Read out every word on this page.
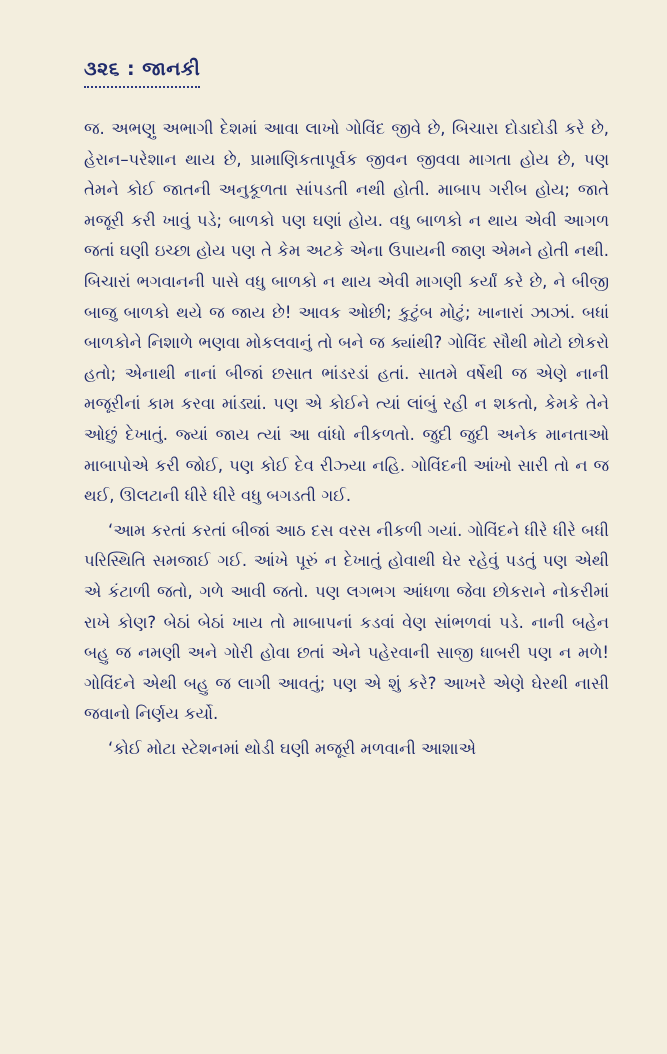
૩૨૬ : જાનકી

જ. અભણુ અભાગી દેશમાં આવા લાખો ગોવિંદ જીવે છે, બિચારા દોડાદોડી કરે છે, હેરાન–પરેશાન થાય છે, પ્રામાણિકતાપૂર્વક જીવન જીવવા માગતા હોય છે, પણ તેમને કોઈ જાતની અનુકૂળતા સાંપડતી નથી હોતી. માબાપ ગરીબ હોય; જાતે મજૂરી કરી ખાવું પડે; બાળકો પણ ઘણાં હોય. વધુ બાળકો ન થાય એવી આગળ જતાં ઘણી ઇચ્છા હોય પણ તે કેમ અટકે એના ઉપાયની જાણ એમને હોતી નથી. બિચારાં ભગવાનની પાસે વધુ બાળકો ન થાય એવી માગણી કર્યાં કરે છે, ને બીજી બાજુ બાળકો થયે જ જાય છે! આવક ઓછી; કુટુંબ મોટું; ખાનારાં ઝાઝાં. બધાં બાળકોને નિશાળે ભણવા મોકલવાનું તો બને જ ક્યાંથી? ગોવિંદ સૌથી મોટો છોકરો હતો; એનાથી નાનાં બીજાં છસાત ભાંડરડાં હતાં. સાતમે વર્ષેથી જ એણે નાની મજૂરીનાં કામ કરવા માંડ્યાં. પણ એ કોઈને ત્યાં લાંબું રહી ન શકતો, કેમકે તેને ઓછું દેખાતું. જ્યાં જાય ત્યાં આ વાંધો નીકળતો. જુદી જુદી અનેક માનતાઓ માબાપોએ કરી જોઈ, પણ કોઈ દેવ રીઝ્યા નહિ. ગોવિંદની આંખો સારી તો ન જ થઈ, ઊલટાની ધીરે ધીરે વધુ બગડતી ગઈ.

‘આમ કરતાં કરતાં બીજાં આઠ દસ વરસ નીકળી ગયાં. ગોવિંદને ધીરે ધીરે બધી પરિસ્થિતિ સમજાઈ ગઈ. આંખે પૂરું ન દેખાતું હોવાથી ઘેર રહેવું પડતું પણ એથી એ કંટાળી જતો, ગળે આવી જતો. પણ લગભગ આંધળા જેવા છોકરાને નોકરીમાં રાખે કોણ? બેઠાં બેઠાં ખાય તો માબાપનાં કડવાં વેણ સાંભળવાં પડે. નાની બહેન બહુ જ નમણી અને ગોરી હોવા છતાં એને પહેરવાની સાજી ધાબરી પણ ન મળે! ગોવિંદને એથી બહુ જ લાગી આવતું; પણ એ શું કરે? આખરે એણે ઘેરથી નાસી જવાનો નિર્ણય કર્યો.

‘કોઈ મોટા સ્ટેશનમાં થોડી ઘણી મજૂરી મળવાની આશાએ
